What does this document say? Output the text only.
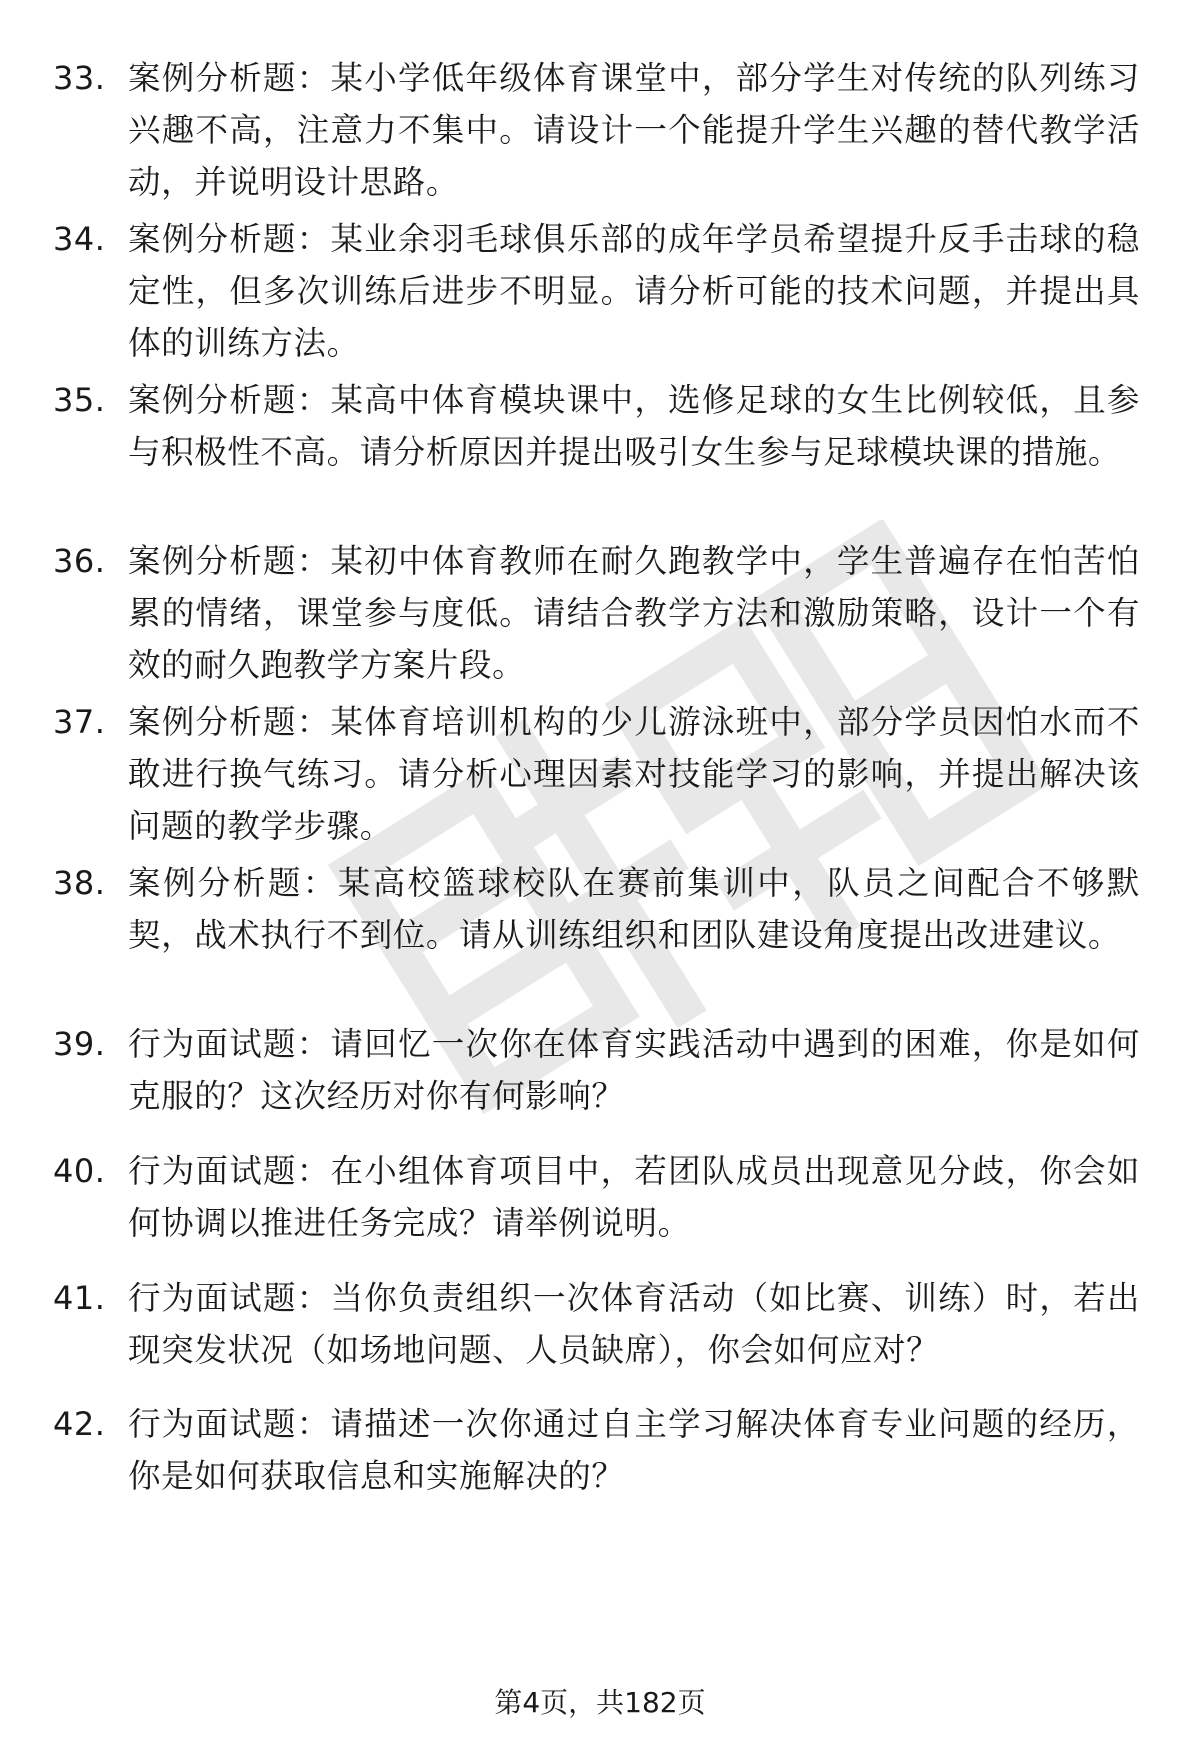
33. 案例分析题：某小学低年级体育课堂中，部分学生对传统的队列练习兴趣不高，注意力不集中。请设计一个能提升学生兴趣的替代教学活动，并说明设计思路。
34. 案例分析题：某业余羽毛球俱乐部的成年学员希望提升反手击球的稳定性，但多次训练后进步不明显。请分析可能的技术问题，并提出具体的训练方法。
35. 案例分析题：某高中体育模块课中，选修足球的女生比例较低，且参与积极性不高。请分析原因并提出吸引女生参与足球模块课的措施。
36. 案例分析题：某初中体育教师在耐久跑教学中，学生普遍存在怕苦怕累的情绪，课堂参与度低。请结合教学方法和激励策略，设计一个有效的耐久跑教学方案片段。
37. 案例分析题：某体育培训机构的少儿游泳班中，部分学员因怕水而不敢进行换气练习。请分析心理因素对技能学习的影响，并提出解决该问题的教学步骤。
38. 案例分析题：某高校篮球校队在赛前集训中，队员之间配合不够默契，战术执行不到位。请从训练组织和团队建设角度提出改进建议。
39. 行为面试题：请回忆一次你在体育实践活动中遇到的困难，你是如何克服的？这次经历对你有何影响？
40. 行为面试题：在小组体育项目中，若团队成员出现意见分歧，你会如何协调以推进任务完成？请举例说明。
41. 行为面试题：当你负责组织一次体育活动（如比赛、训练）时，若出现突发状况（如场地问题、人员缺席），你会如何应对？
42. 行为面试题：请描述一次你通过自主学习解决体育专业问题的经历，你是如何获取信息和实施解决的？
第4页，共182页
